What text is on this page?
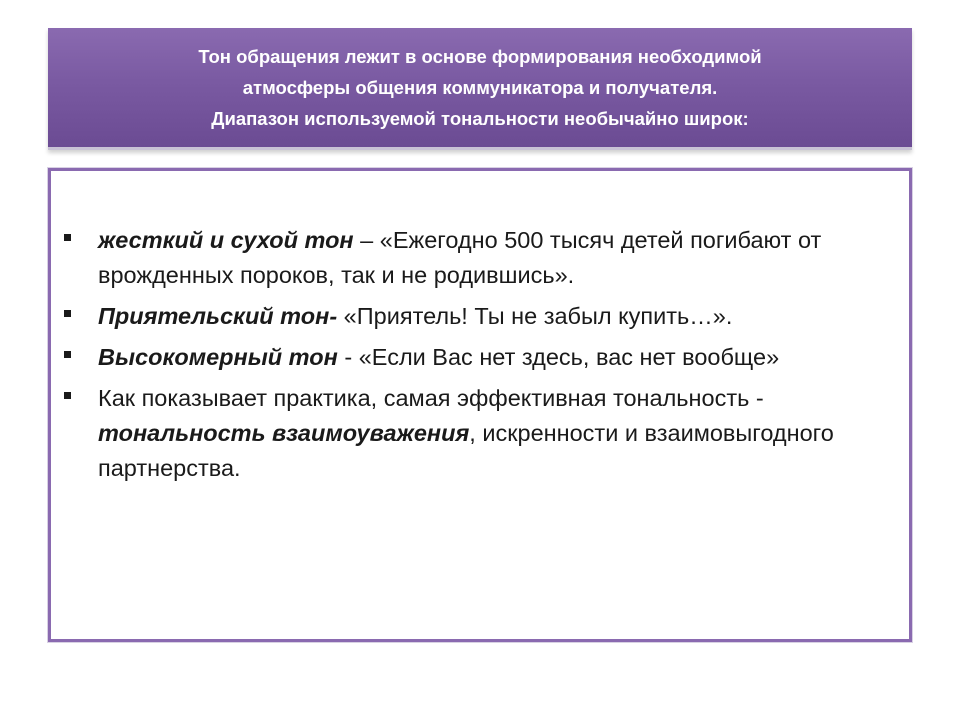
Тон обращения лежит в основе формирования необходимой
атмосферы общения коммуникатора и получателя.
Диапазон используемой тональности необычайно широк:
жесткий и сухой тон – «Ежегодно 500 тысяч детей погибают от врожденных пороков, так и не родившись».
Приятельский тон- «Приятель! Ты не забыл купить…».
Высокомерный тон - «Если Вас нет здесь, вас нет вообще»
Как показывает практика, самая эффективная тональность - тональность взаимоуважения, искренности и взаимовыгодного партнерства.
